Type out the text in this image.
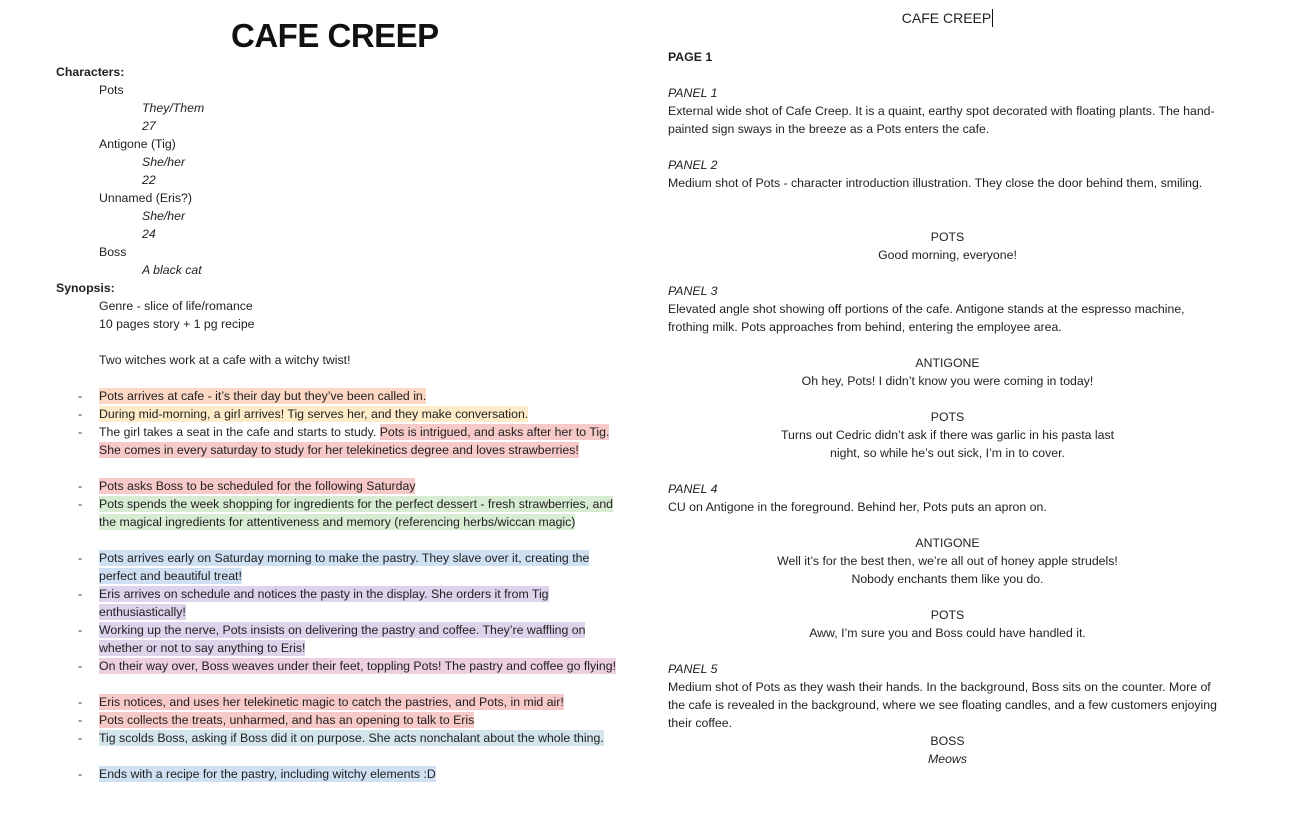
CAFE CREEP
Characters:
Pots
They/Them
27
Antigone (Tig)
She/her
22
Unnamed (Eris?)
She/her
24
Boss
A black cat
Synopsis:
Genre - slice of life/romance
10 pages story + 1 pg recipe
Two witches work at a cafe with a witchy twist!
-	Pots arrives at cafe - it’s their day but they’ve been called in.
-	During mid-morning, a girl arrives! Tig serves her, and they make conversation.
-	The girl takes a seat in the cafe and starts to study. Pots is intrigued, and asks after her to Tig. She comes in every saturday to study for her telekinetics degree and loves strawberries!
-	Pots asks Boss to be scheduled for the following Saturday
-	Pots spends the week shopping for ingredients for the perfect dessert - fresh strawberries, and the magical ingredients for attentiveness and memory (referencing herbs/wiccan magic)
-	Pots arrives early on Saturday morning to make the pastry. They slave over it, creating the perfect and beautiful treat!
-	Eris arrives on schedule and notices the pasty in the display. She orders it from Tig enthusiastically!
-	Working up the nerve, Pots insists on delivering the pastry and coffee. They’re waffling on whether or not to say anything to Eris!
-	On their way over, Boss weaves under their feet, toppling Pots! The pastry and coffee go flying!
-	Eris notices, and uses her telekinetic magic to catch the pastries, and Pots, in mid air!
-	Pots collects the treats, unharmed, and has an opening to talk to Eris
-	Tig scolds Boss, asking if Boss did it on purpose. She acts nonchalant about the whole thing.
-	Ends with a recipe for the pastry, including witchy elements :D
CAFE CREEP
PAGE 1
PANEL 1
External wide shot of Cafe Creep. It is a quaint, earthy spot decorated with floating plants. The hand-painted sign sways in the breeze as a Pots enters the cafe.
PANEL 2
Medium shot of Pots - character introduction illustration. They close the door behind them, smiling.
POTS
Good morning, everyone!
PANEL 3
Elevated angle shot showing off portions of the cafe. Antigone stands at the espresso machine, frothing milk. Pots approaches from behind, entering the employee area.
ANTIGONE
Oh hey, Pots! I didn’t know you were coming in today!
POTS
Turns out Cedric didn’t ask if there was garlic in his pasta last
night, so while he’s out sick, I’m in to cover.
PANEL 4
CU on Antigone in the foreground. Behind her, Pots puts an apron on.
ANTIGONE
Well it’s for the best then, we’re all out of honey apple strudels!
Nobody enchants them like you do.
POTS
Aww, I’m sure you and Boss could have handled it.
PANEL 5
Medium shot of Pots as they wash their hands. In the background, Boss sits on the counter. More of the cafe is revealed in the background, where we see floating candles, and a few customers enjoying their coffee.
BOSS
Meows
